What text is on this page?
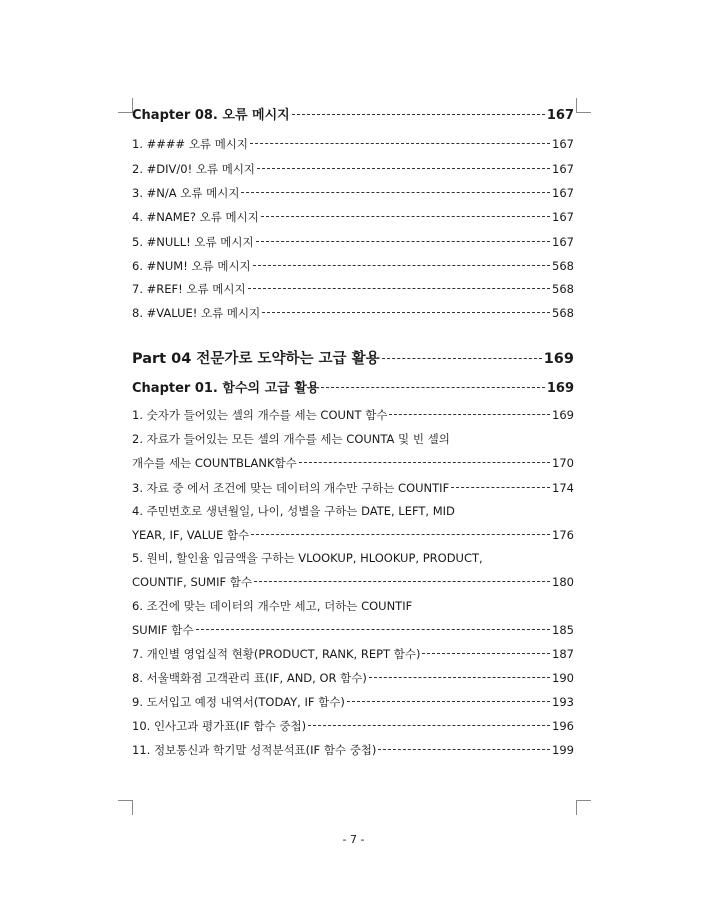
Chapter 08. 오류 메시지	167
1. #### 오류 메시지	167
2. #DIV/0! 오류 메시지	167
3. #N/A 오류 메시지	167
4. #NAME? 오류 메시지	167
5. #NULL! 오류 메시지	167
6. #NUM! 오류 메시지	568
7. #REF! 오류 메시지	568
8. #VALUE! 오류 메시지	568
Part 04 전문가로 도약하는 고급 활용	169
Chapter 01. 함수의 고급 활용	169
1. 숫자가 들어있는 셀의 개수를 세는 COUNT 함수	169
2. 자료가 들어있는 모든 셀의 개수를 세는 COUNTA 및 빈 셀의
개수를 세는 COUNTBLANK함수	170
3. 자료 중 에서 조건에 맞는 데이터의 개수만 구하는 COUNTIF	174
4. 주민번호로 생년월일, 나이, 성별을 구하는 DATE, LEFT, MID
YEAR, IF, VALUE 함수	176
5. 원비, 할인율 입금액을 구하는 VLOOKUP, HLOOKUP, PRODUCT,
COUNTIF, SUMIF 함수	180
6. 조건에 맞는 데이터의 개수만 세고, 더하는 COUNTIF
SUMIF 함수	185
7. 개인별 영업실적 현황(PRODUCT, RANK, REPT 함수)	187
8. 서울백화점 고객관리 표(IF, AND, OR 함수)	190
9. 도서입고 예정 내역서(TODAY, IF 함수)	193
10. 인사고과 평가표(IF 함수 중첩)	196
11. 정보통신과 학기말 성적분석표(IF 함수 중첩)	199
- 7 -
